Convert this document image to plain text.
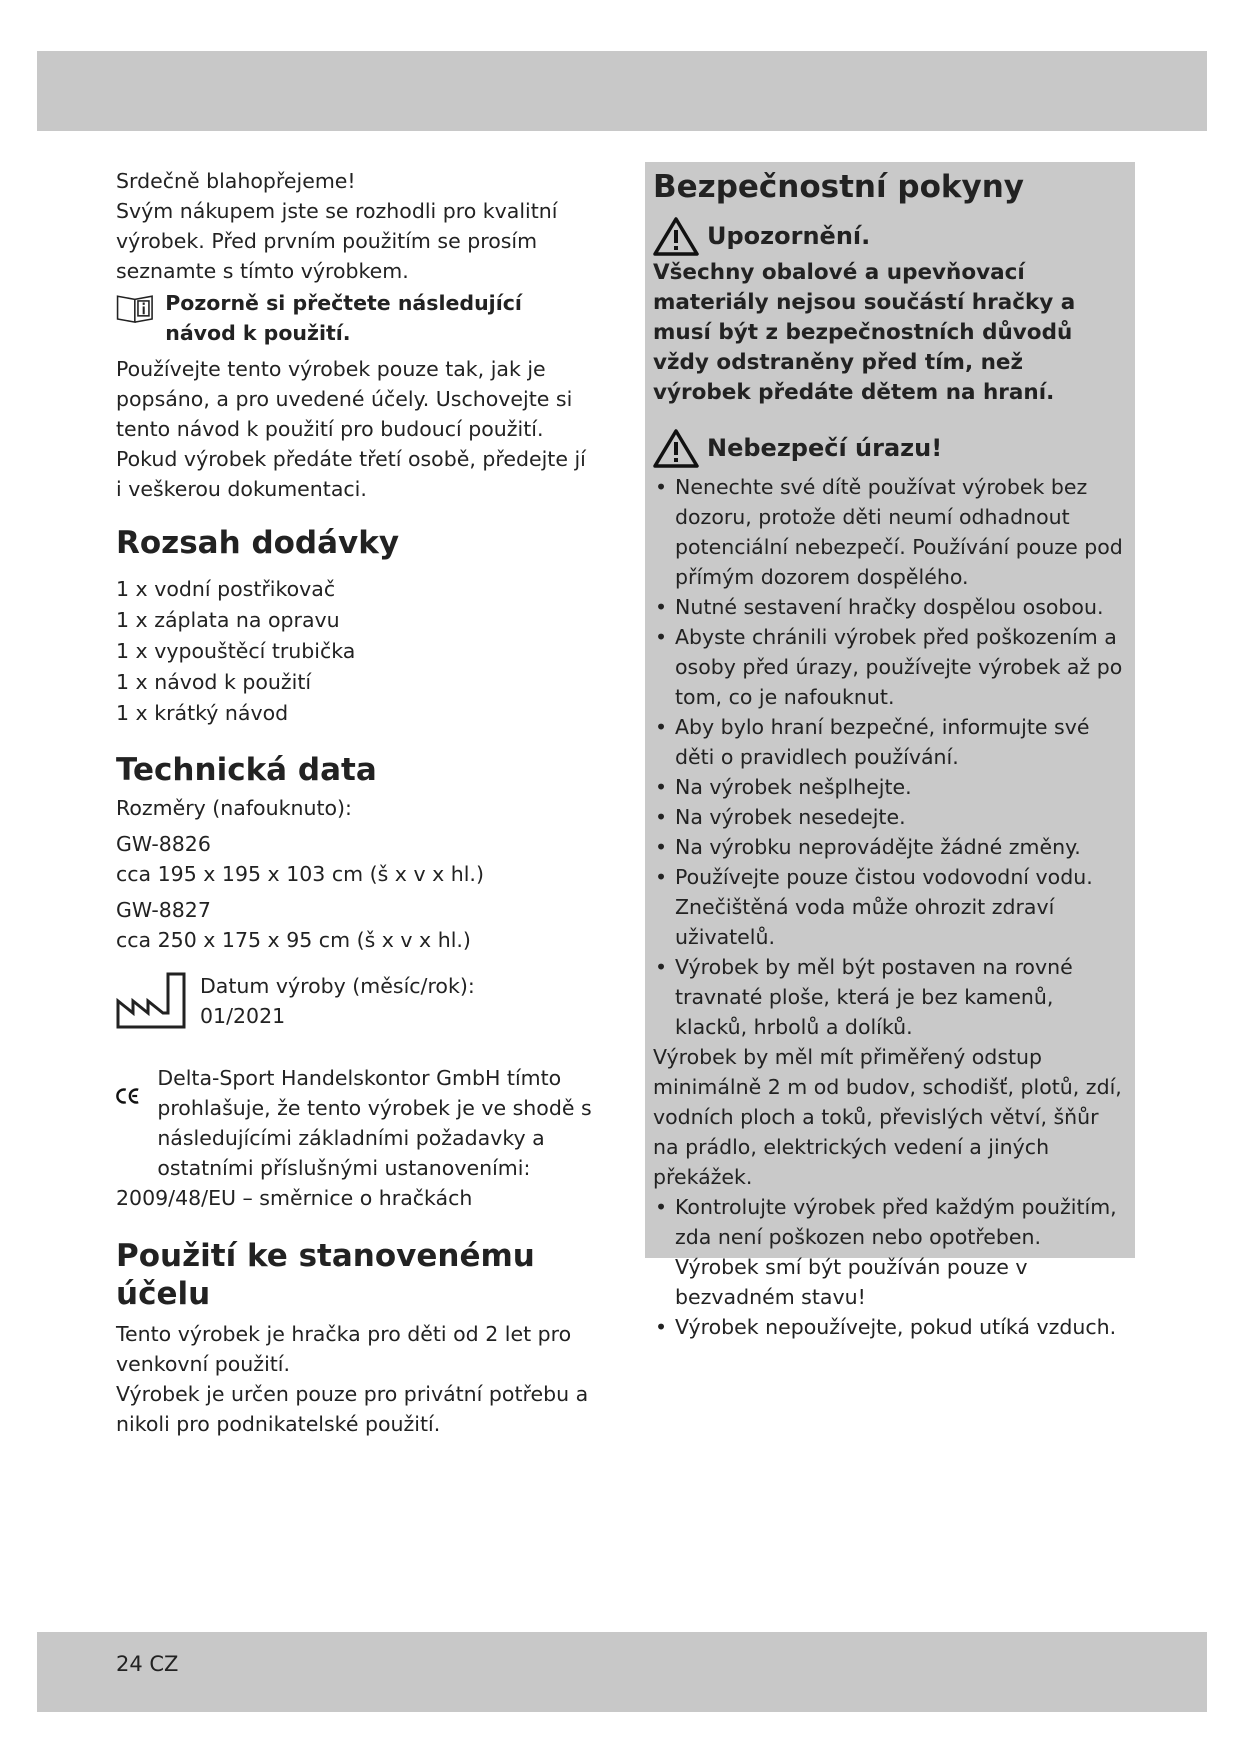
Srdečně blahopřejeme!

Svým nákupem jste se rozhodli pro kvalitní výrobek. Před prvním použitím se prosím seznamte s tímto výrobkem.

Pozorně si přečtete následující návod k použití.

Používejte tento výrobek pouze tak, jak je popsáno, a pro uvedené účely. Uschovejte si tento návod k použití pro budoucí použití. Pokud výrobek předáte třetí osobě, předejte jí i veškerou dokumentaci.

Rozsah dodávky
1 x vodní postřikovač
1 x záplata na opravu
1 x vypouštěcí trubička
1 x návod k použití
1 x krátký návod
Technická data

Rozměry (nafouknuto):

GW-8826

cca 195 x 195 x 103 cm (š x v x hl.)

GW-8827

cca 250 x 175 x 95 cm (š x v x hl.)

Datum výroby (měsíc/rok):

01/2021

Delta-Sport Handelskontor GmbH tímto prohlašuje, že tento výrobek je ve shodě s následujícími základními požadavky a ostatními příslušnými ustanoveními:

2009/48/EU – směrnice o hračkách

Použití ke stanovenému účelu

Tento výrobek je hračka pro děti od 2 let pro venkovní použití.

Výrobek je určen pouze pro privátní potřebu a nikoli pro podnikatelské použití.

Bezpečnostní pokyny
Upozornění.

Všechny obalové a upevňovací materiály nejsou součástí hračky a musí být z bezpečnostních důvodů vždy odstraněny před tím, než výrobek předáte dětem na hraní.

Nebezpečí úrazu!
• Nenechte své dítě používat výrobek bez dozoru, protože děti neumí odhadnout potenciální nebezpečí. Používání pouze pod přímým dozorem dospělého.
• Nutné sestavení hračky dospělou osobou.
• Abyste chránili výrobek před poškozením a osoby před úrazy, používejte výrobek až po tom, co je nafouknut.
• Aby bylo hraní bezpečné, informujte své děti o pravidlech používání.
• Na výrobek nešplhejte.
• Na výrobek nesedejte.
• Na výrobku neprovádějte žádné změny.
• Používejte pouze čistou vodovodní vodu. Znečištěná voda může ohrozit zdraví uživatelů.
• Výrobek by měl být postaven na rovné travnaté ploše, která je bez kamenů, klacků, hrbolů a dolíků.

Výrobek by měl mít přiměřený odstup minimálně 2 m od budov, schodišť, plotů, zdí, vodních ploch a toků, převislých větví, šňůr na prádlo, elektrických vedení a jiných překážek.

• Kontrolujte výrobek před každým použitím, zda není poškozen nebo opotřeben. Výrobek smí být používán pouze v bezvadném stavu!
• Výrobek nepoužívejte, pokud utíká vzduch.
24 CZ
